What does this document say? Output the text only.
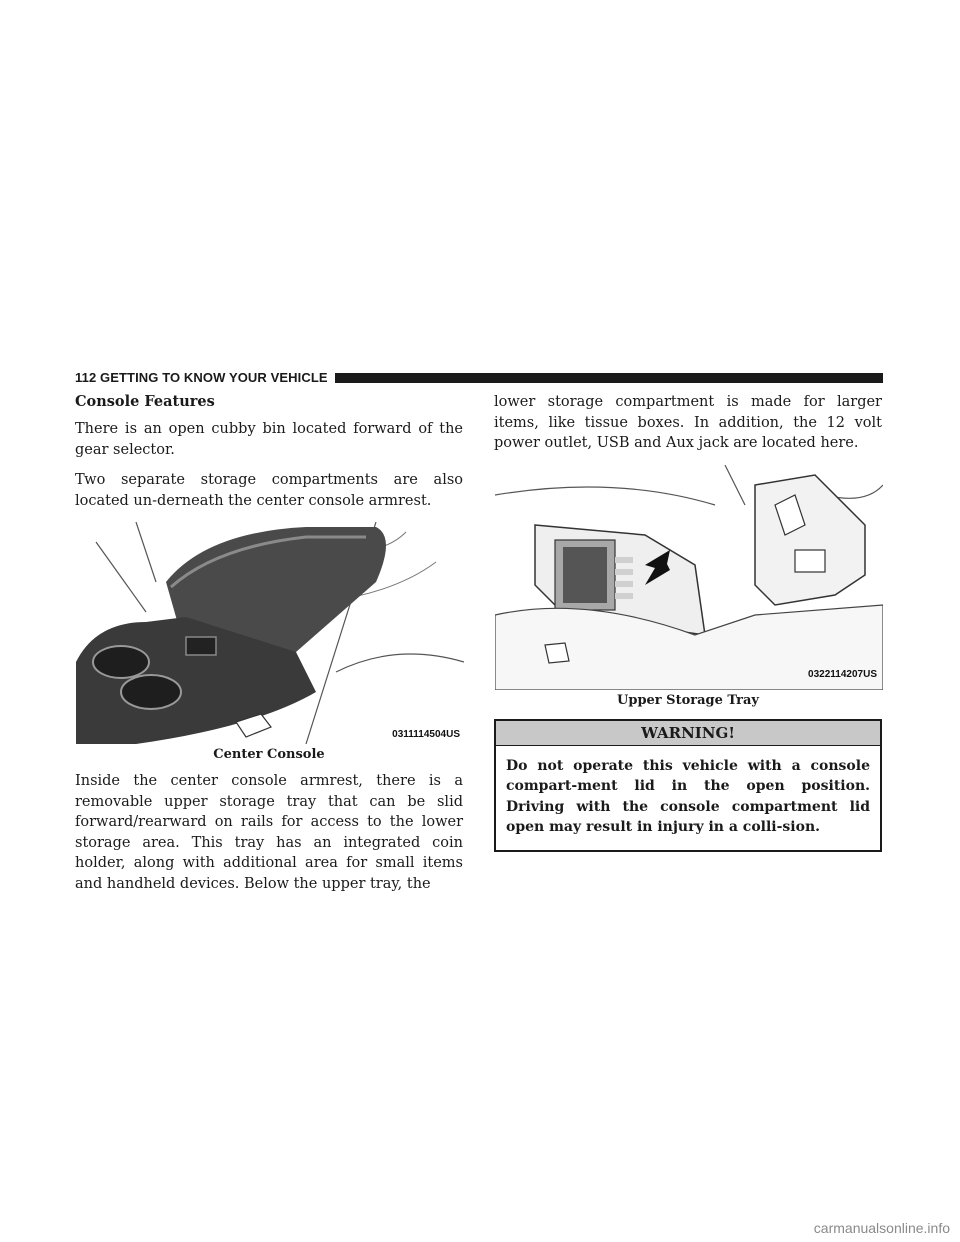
112 GETTING TO KNOW YOUR VEHICLE
Console Features

There is an open cubby bin located forward of the gear selector.

Two separate storage compartments are also located un-derneath the center console armrest.

0311114504US
Center Console

Inside the center console armrest, there is a removable upper storage tray that can be slid forward/rearward on rails for access to the lower storage area. This tray has an integrated coin holder, along with additional area for small items and handheld devices. Below the upper tray, the

lower storage compartment is made for larger items, like tissue boxes. In addition, the 12 volt power outlet, USB and Aux jack are located here.

0322114207US
Upper Storage Tray
WARNING!
Do not operate this vehicle with a console compart-ment lid in the open position. Driving with the console compartment lid open may result in injury in a colli-sion.
carmanualsonline.info
